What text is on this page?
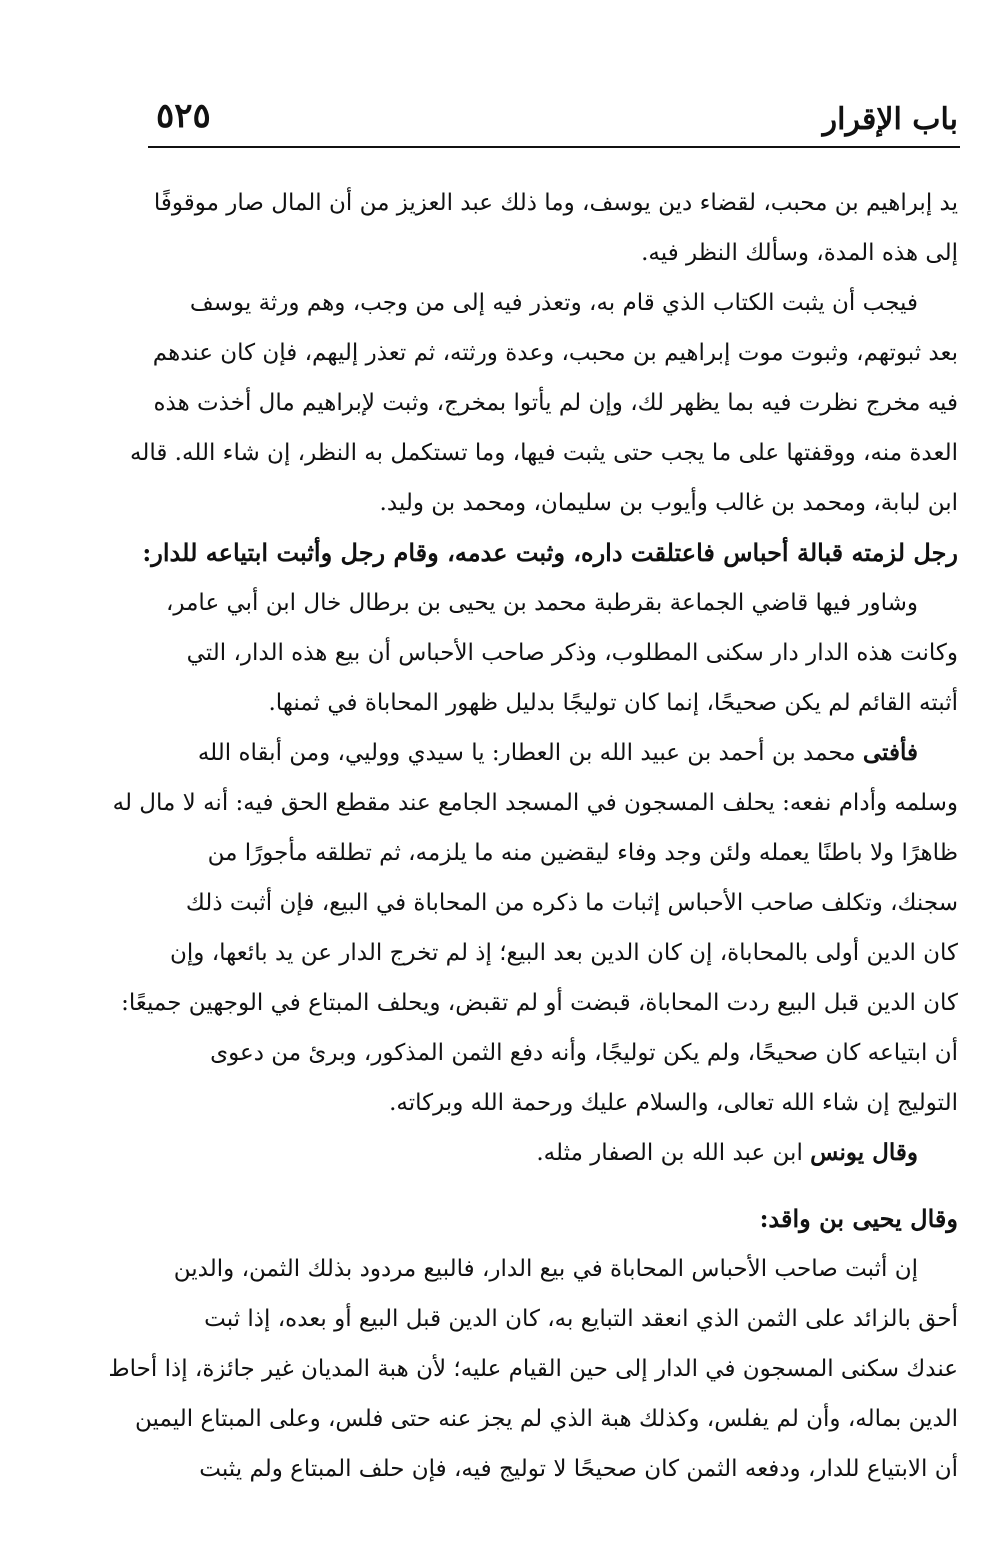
٥٢٥	باب الإقرار
يد إبراهيم بن محبب، لقضاء دين يوسف، وما ذلك عبد العزيز من أن المال صار موقوفًا
إلى هذه المدة، وسألك النظر فيه.
فيجب أن يثبت الكتاب الذي قام به، وتعذر فيه إلى من وجب، وهم ورثة يوسف
بعد ثبوتهم، وثبوت موت إبراهيم بن محبب، وعدة ورثته، ثم تعذر إليهم، فإن كان عندهم
فيه مخرج نظرت فيه بما يظهر لك، وإن لم يأتوا بمخرج، وثبت لإبراهيم مال أخذت هذه
العدة منه، ووقفتها على ما يجب حتى يثبت فيها، وما تستكمل به النظر، إن شاء الله. قاله
ابن لبابة، ومحمد بن غالب وأيوب بن سليمان، ومحمد بن وليد.
رجل لزمته قبالة أحباس فاعتلقت داره، وثبت عدمه، وقام رجل وأثبت ابتياعه للدار:
وشاور فيها قاضي الجماعة بقرطبة محمد بن يحيى بن برطال خال ابن أبي عامر،
وكانت هذه الدار دار سكنى المطلوب، وذكر صاحب الأحباس أن بيع هذه الدار، التي
أثبته القائم لم يكن صحيحًا، إنما كان توليجًا بدليل ظهور المحاباة في ثمنها.
فأفتى محمد بن أحمد بن عبيد الله بن العطار: يا سيدي ووليي، ومن أبقاه الله
وسلمه وأدام نفعه: يحلف المسجون في المسجد الجامع عند مقطع الحق فيه: أنه لا مال له
ظاهرًا ولا باطنًا يعمله ولئن وجد وفاء ليقضين منه ما يلزمه، ثم تطلقه مأجورًا من
سجنك، وتكلف صاحب الأحباس إثبات ما ذكره من المحاباة في البيع، فإن أثبت ذلك
كان الدين أولى بالمحاباة، إن كان الدين بعد البيع؛ إذ لم تخرج الدار عن يد بائعها، وإن
كان الدين قبل البيع ردت المحاباة، قبضت أو لم تقبض، ويحلف المبتاع في الوجهين جميعًا:
أن ابتياعه كان صحيحًا، ولم يكن توليجًا، وأنه دفع الثمن المذكور، وبرئ من دعوى
التوليج إن شاء الله تعالى، والسلام عليك ورحمة الله وبركاته.
وقال يونس ابن عبد الله بن الصفار مثله.
وقال يحيى بن واقد:
إن أثبت صاحب الأحباس المحاباة في بيع الدار، فالبيع مردود بذلك الثمن، والدين
أحق بالزائد على الثمن الذي انعقد التبايع به، كان الدين قبل البيع أو بعده، إذا ثبت
عندك سكنى المسجون في الدار إلى حين القيام عليه؛ لأن هبة المديان غير جائزة، إذا أحاط
الدين بماله، وأن لم يفلس، وكذلك هبة الذي لم يجز عنه حتى فلس، وعلى المبتاع اليمين
أن الابتياع للدار، ودفعه الثمن كان صحيحًا لا توليج فيه، فإن حلف المبتاع ولم يثبت
